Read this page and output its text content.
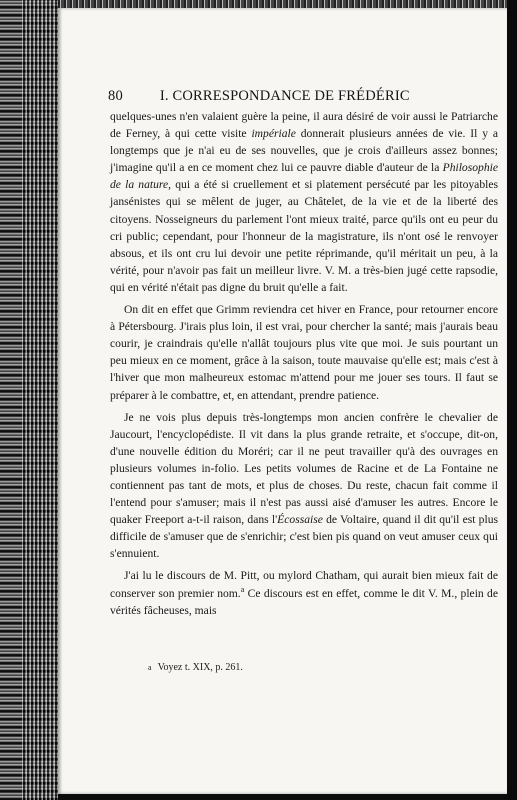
80	I. CORRESPONDANCE DE FRÉDÉRIC

quelques-unes n'en valaient guère la peine, il aura désiré de voir aussi le Patriarche de Ferney, à qui cette visite impériale donnerait plusieurs années de vie. Il y a longtemps que je n'ai eu de ses nouvelles, que je crois d'ailleurs assez bonnes; j'imagine qu'il a en ce moment chez lui ce pauvre diable d'auteur de la Philosophie de la nature, qui a été si cruellement et si platement persécuté par les pitoyables jansénistes qui se mêlent de juger, au Châtelet, de la vie et de la liberté des citoyens. Nosseigneurs du parlement l'ont mieux traité, parce qu'ils ont eu peur du cri public; cependant, pour l'honneur de la magistrature, ils n'ont osé le renvoyer absous, et ils ont cru lui devoir une petite réprimande, qu'il méritait un peu, à la vérité, pour n'avoir pas fait un meilleur livre. V. M. a très-bien jugé cette rapsodie, qui en vérité n'était pas digne du bruit qu'elle a fait.

On dit en effet que Grimm reviendra cet hiver en France, pour retourner encore à Pétersbourg. J'irais plus loin, il est vrai, pour chercher la santé; mais j'aurais beau courir, je craindrais qu'elle n'allât toujours plus vite que moi. Je suis pourtant un peu mieux en ce moment, grâce à la saison, toute mauvaise qu'elle est; mais c'est à l'hiver que mon malheureux estomac m'attend pour me jouer ses tours. Il faut se préparer à le combattre, et, en attendant, prendre patience.

Je ne vois plus depuis très-longtemps mon ancien confrère le chevalier de Jaucourt, l'encyclopédiste. Il vit dans la plus grande retraite, et s'occupe, dit-on, d'une nouvelle édition du Moréri; car il ne peut travailler qu'à des ouvrages en plusieurs volumes in-folio. Les petits volumes de Racine et de La Fontaine ne contiennent pas tant de mots, et plus de choses. Du reste, chacun fait comme il l'entend pour s'amuser; mais il n'est pas aussi aisé d'amuser les autres. Encore le quaker Freeport a-t-il raison, dans l'Écossaise de Voltaire, quand il dit qu'il est plus difficile de s'amuser que de s'enrichir; c'est bien pis quand on veut amuser ceux qui s'ennuient.

J'ai lu le discours de M. Pitt, ou mylord Chatham, qui aurait bien mieux fait de conserver son premier nom.$^a$ Ce discours est en effet, comme le dit V. M., plein de vérités fâcheuses, mais

a Voyez t. XIX, p. 261.
